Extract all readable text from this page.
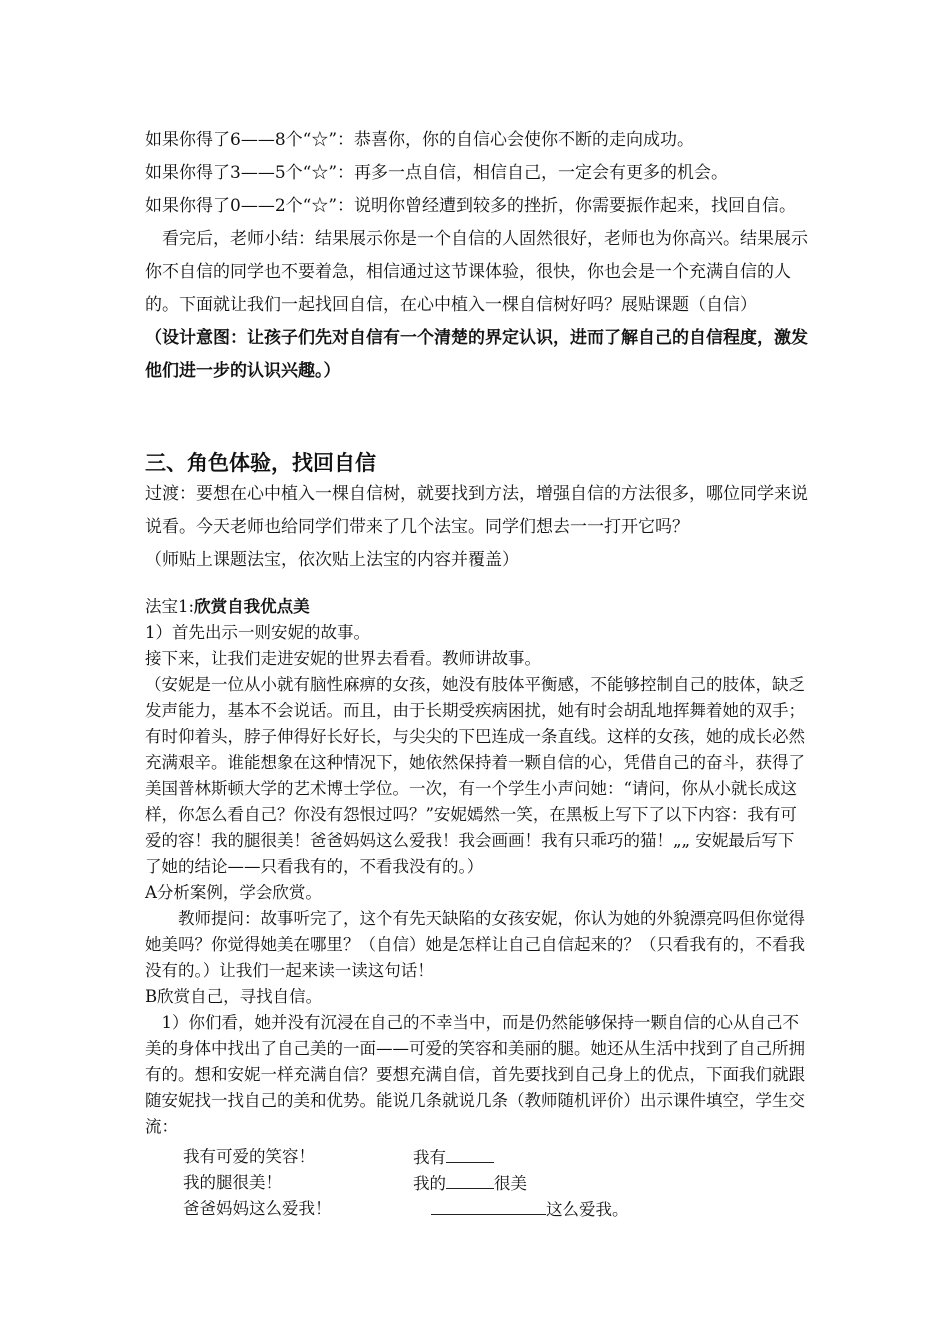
如果你得了6——8个“☆”：恭喜你，你的自信心会使你不断的走向成功。

如果你得了3——5个“☆”：再多一点自信，相信自己，一定会有更多的机会。

如果你得了0——2个“☆”：说明你曾经遭到较多的挫折，你需要振作起来，找回自信。

看完后，老师小结：结果展示你是一个自信的人固然很好，老师也为你高兴。结果展示你不自信的同学也不要着急，相信通过这节课体验，很快，你也会是一个充满自信的人的。下面就让我们一起找回自信，在心中植入一棵自信树好吗？展贴课题（自信）

（设计意图：让孩子们先对自信有一个清楚的界定认识，进而了解自己的自信程度，激发他们进一步的认识兴趣。）

三、角色体验，找回自信

过渡：要想在心中植入一棵自信树，就要找到方法，增强自信的方法很多，哪位同学来说说看。今天老师也给同学们带来了几个法宝。同学们想去一一打开它吗？

（师贴上课题法宝，依次贴上法宝的内容并覆盖）

法宝1:欣赏自我优点美

1）首先出示一则安妮的故事。

接下来，让我们走进安妮的世界去看看。教师讲故事。

（安妮是一位从小就有脑性麻痹的女孩，她没有肢体平衡感，不能够控制自己的肢体，缺乏发声能力，基本不会说话。而且，由于长期受疾病困扰，她有时会胡乱地挥舞着她的双手；有时仰着头，脖子伸得好长好长，与尖尖的下巴连成一条直线。这样的女孩，她的成长必然充满艰辛。谁能想象在这种情况下，她依然保持着一颗自信的心，凭借自己的奋斗，获得了美国普林斯顿大学的艺术博士学位。一次，有一个学生小声问她：“请问，你从小就长成这样，你怎么看自己？你没有怨恨过吗？”安妮嫣然一笑，在黑板上写下了以下内容：我有可爱的容！我的腿很美！爸爸妈妈这么爱我！我会画画！我有只乖巧的猫！„„ 安妮最后写下了她的结论——只看我有的，不看我没有的。）

A分析案例，学会欣赏。

教师提问：故事听完了，这个有先天缺陷的女孩安妮，你认为她的外貌漂亮吗但你觉得她美吗？你觉得她美在哪里？（自信）她是怎样让自己自信起来的？（只看我有的，不看我没有的。）让我们一起来读一读这句话！

B欣赏自己，寻找自信。

1）你们看，她并没有沉浸在自己的不幸当中，而是仍然能够保持一颗自信的心从自己不美的身体中找出了自己美的一面——可爱的笑容和美丽的腿。她还从生活中找到了自己所拥有的。想和安妮一样充满自信？要想充满自信，首先要找到自己身上的优点，下面我们就跟随安妮找一找自己的美和优势。能说几条就说几条（教师随机评价）出示课件填空，学生交流：

我有可爱的笑容！	我有
我的腿很美！	我的	很美
爸爸妈妈这么爱我！	这么爱我。
